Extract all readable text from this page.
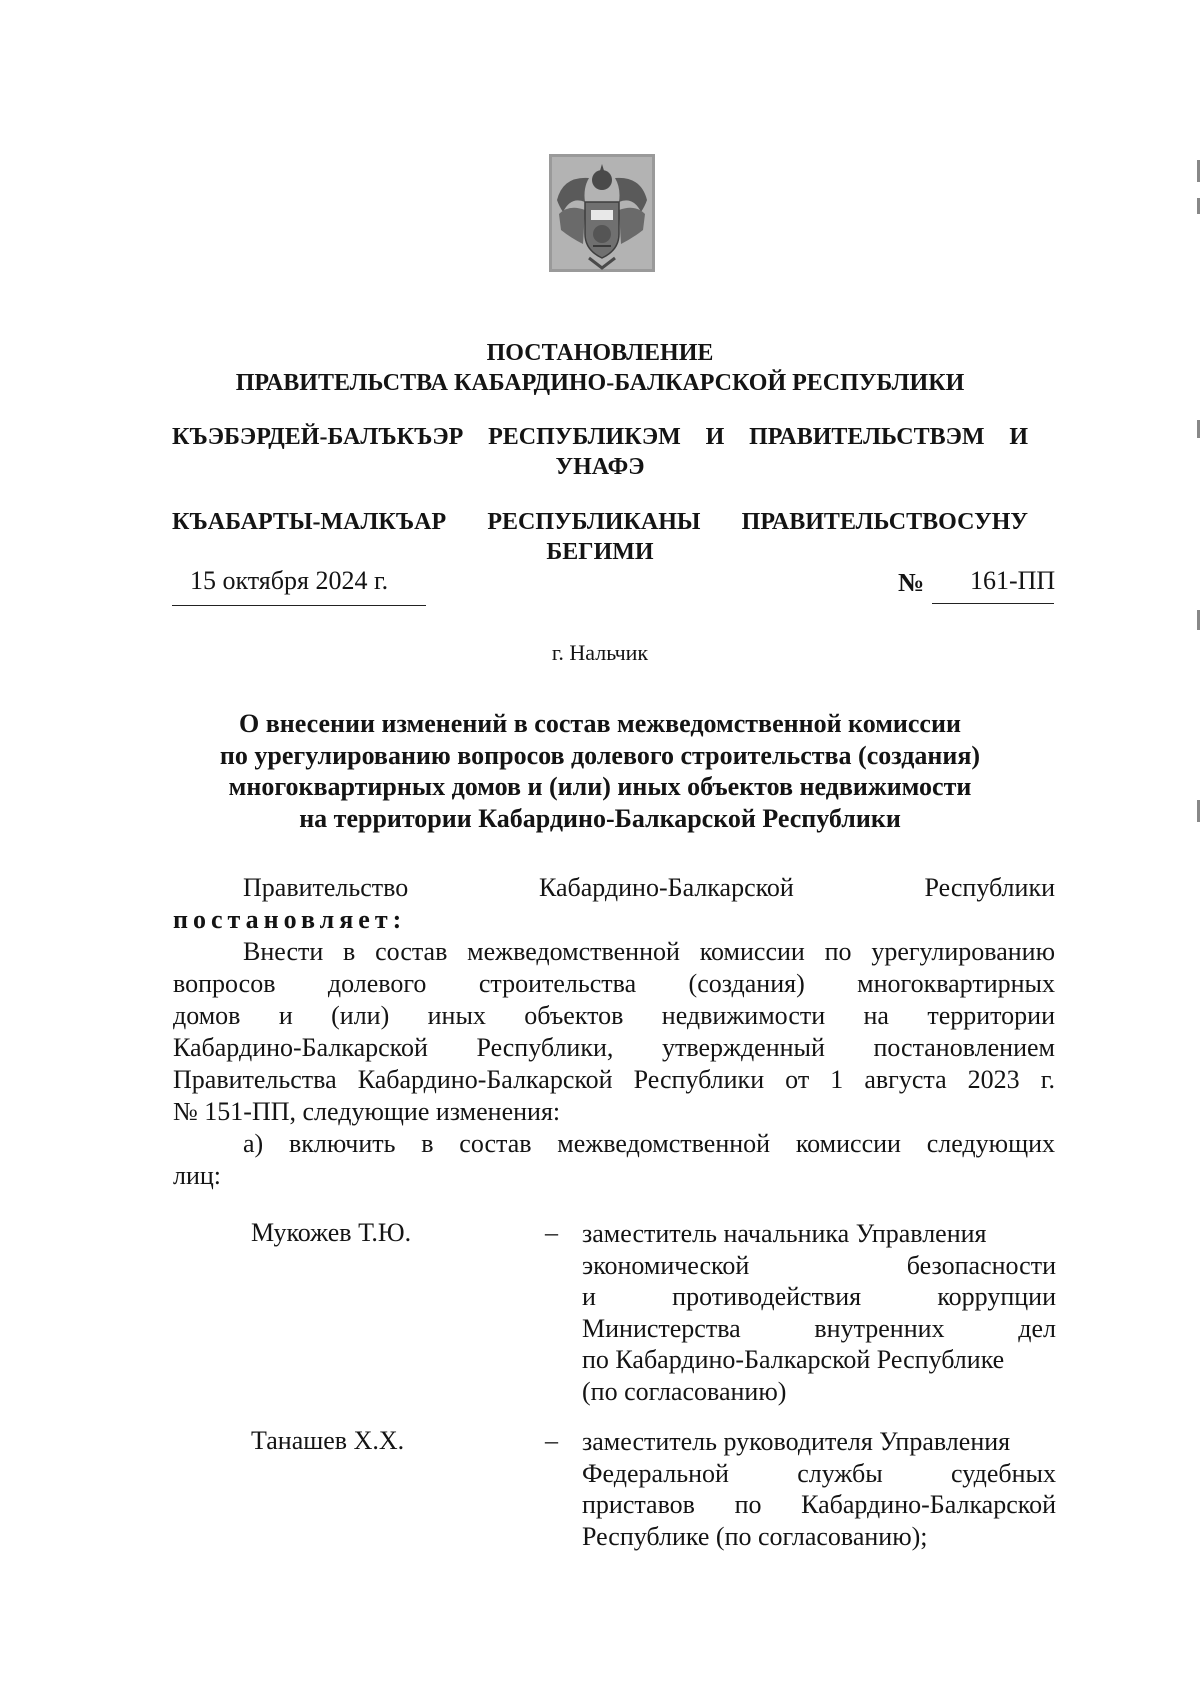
ПОСТАНОВЛЕНИЕ
ПРАВИТЕЛЬСТВА КАБАРДИНО-БАЛКАРСКОЙ РЕСПУБЛИКИ
КЪЭБЭРДЕЙ-БАЛЪКЪЭР РЕСПУБЛИКЭМ И ПРАВИТЕЛЬСТВЭМ И
УНАФЭ
КЪАБАРТЫ-МАЛКЪАР РЕСПУБЛИКАНЫ ПРАВИТЕЛЬСТВОСУНУ
БЕГИМИ
15 октября 2024 г.	№ 161-ПП
г. Нальчик
О внесении изменений в состав межведомственной комиссии
по урегулированию вопросов долевого строительства (создания)
многоквартирных домов и (или) иных объектов недвижимости
на территории Кабардино-Балкарской Республики
Правительство Кабардино-Балкарской Республики
постановляет:
Внести в состав межведомственной комиссии по урегулированию
вопросов долевого строительства (создания) многоквартирных
домов и (или) иных объектов недвижимости на территории
Кабардино-Балкарской Республики, утвержденный постановлением
Правительства Кабардино-Балкарской Республики от 1 августа 2023 г.
№ 151-ПП, следующие изменения:
а) включить в состав межведомственной комиссии следующих
лиц:
Мукожев Т.Ю.	– заместитель начальника Управления
экономической безопасности
и противодействия коррупции
Министерства внутренних дел
по Кабардино-Балкарской Республике
(по согласованию)
Танашев Х.Х.	– заместитель руководителя Управления
Федеральной службы судебных
приставов по Кабардино-Балкарской
Республике (по согласованию);
